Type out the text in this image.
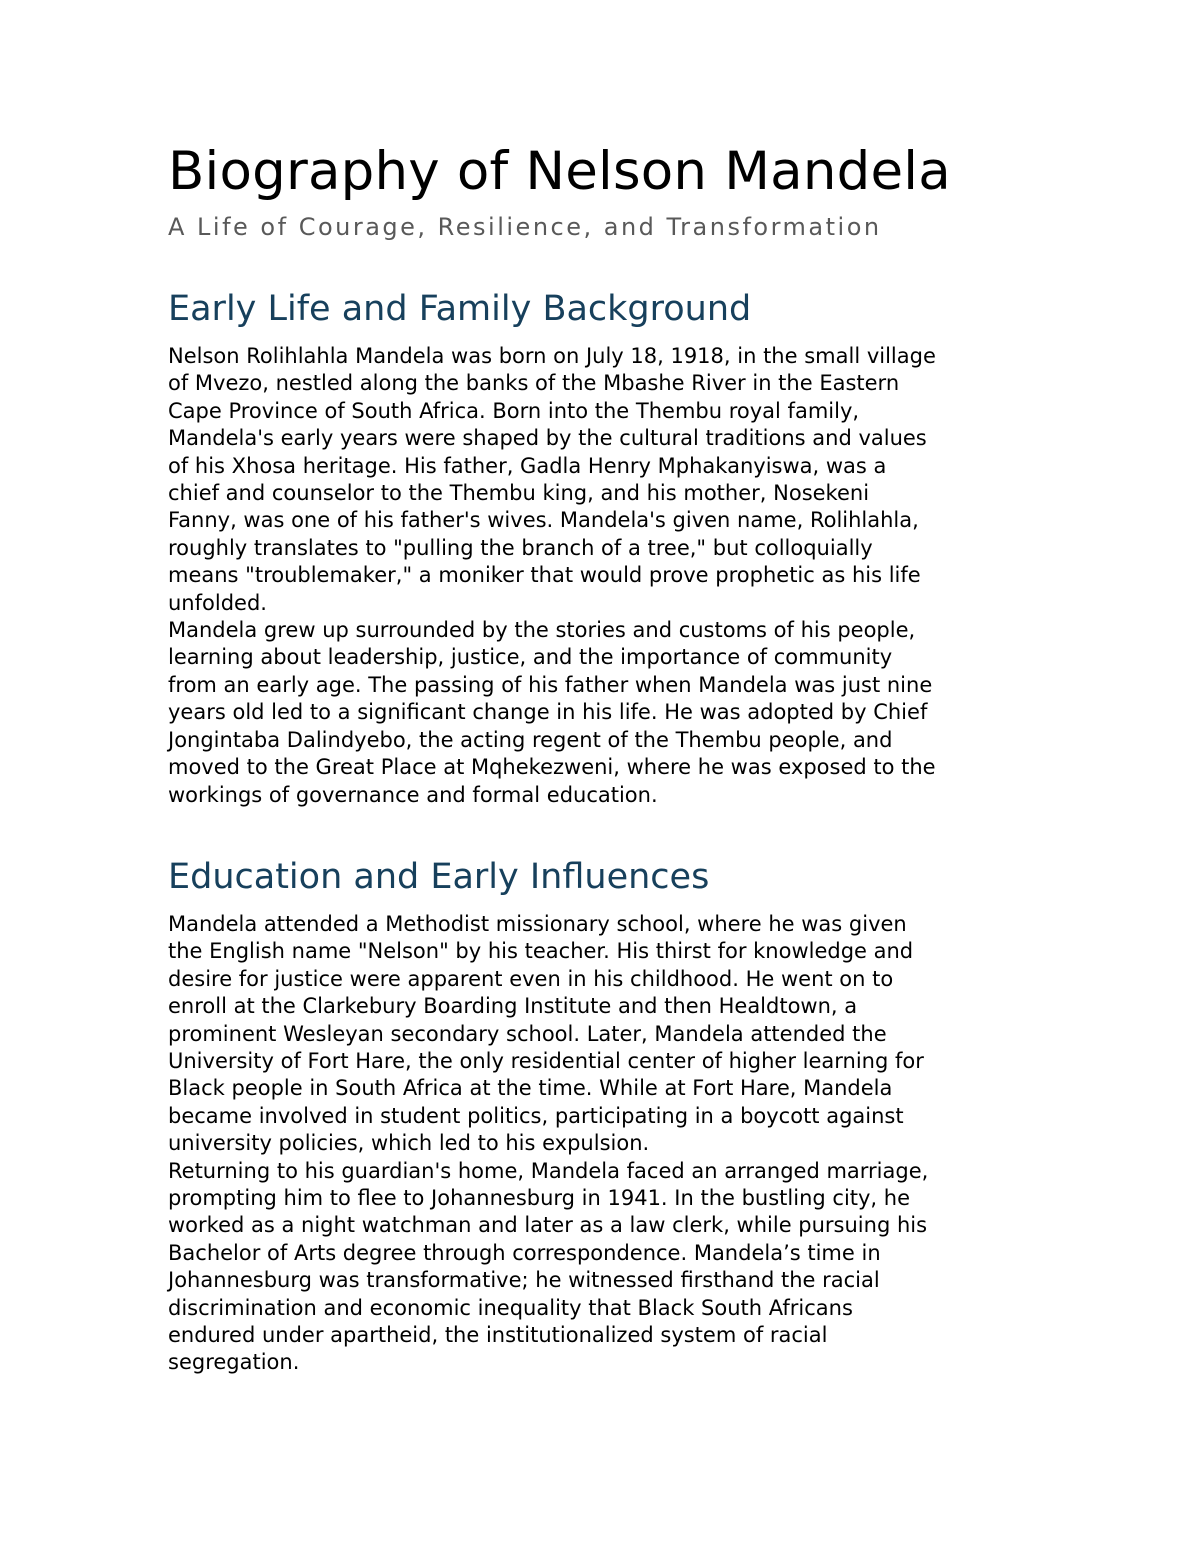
Biography of Nelson Mandela
A Life of Courage, Resilience, and Transformation
Early Life and Family Background

Nelson Rolihlahla Mandela was born on July 18, 1918, in the small village
of Mvezo, nestled along the banks of the Mbashe River in the Eastern
Cape Province of South Africa. Born into the Thembu royal family,
Mandela's early years were shaped by the cultural traditions and values
of his Xhosa heritage. His father, Gadla Henry Mphakanyiswa, was a
chief and counselor to the Thembu king, and his mother, Nosekeni
Fanny, was one of his father's wives. Mandela's given name, Rolihlahla,
roughly translates to "pulling the branch of a tree," but colloquially
means "troublemaker," a moniker that would prove prophetic as his life
unfolded.

Mandela grew up surrounded by the stories and customs of his people,
learning about leadership, justice, and the importance of community
from an early age. The passing of his father when Mandela was just nine
years old led to a significant change in his life. He was adopted by Chief
Jongintaba Dalindyebo, the acting regent of the Thembu people, and
moved to the Great Place at Mqhekezweni, where he was exposed to the
workings of governance and formal education.

Education and Early Influences

Mandela attended a Methodist missionary school, where he was given
the English name "Nelson" by his teacher. His thirst for knowledge and
desire for justice were apparent even in his childhood. He went on to
enroll at the Clarkebury Boarding Institute and then Healdtown, a
prominent Wesleyan secondary school. Later, Mandela attended the
University of Fort Hare, the only residential center of higher learning for
Black people in South Africa at the time. While at Fort Hare, Mandela
became involved in student politics, participating in a boycott against
university policies, which led to his expulsion.

Returning to his guardian's home, Mandela faced an arranged marriage,
prompting him to flee to Johannesburg in 1941. In the bustling city, he
worked as a night watchman and later as a law clerk, while pursuing his
Bachelor of Arts degree through correspondence. Mandela’s time in
Johannesburg was transformative; he witnessed firsthand the racial
discrimination and economic inequality that Black South Africans
endured under apartheid, the institutionalized system of racial
segregation.
